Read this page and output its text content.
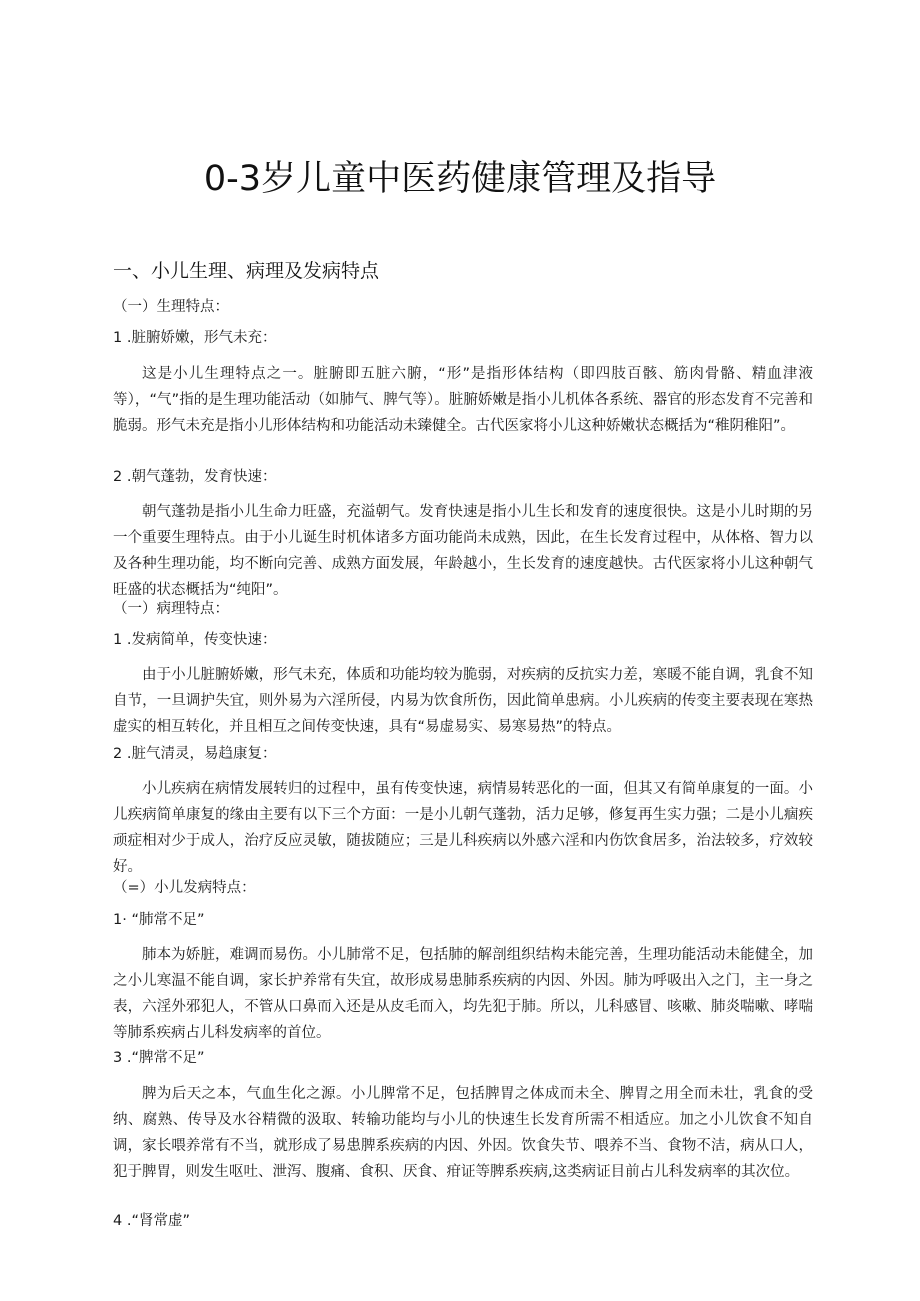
0-3岁儿童中医药健康管理及指导
一、小儿生理、病理及发病特点

（一）生理特点：

1 .脏腑娇嫩，形气未充：

这是小儿生理特点之一。脏腑即五脏六腑，“形”是指形体结构（即四肢百骸、筋肉骨骼、精血津液等），“气”指的是生理功能活动（如肺气、脾气等）。脏腑娇嫩是指小儿机体各系统、器官的形态发育不完善和脆弱。形气未充是指小儿形体结构和功能活动未臻健全。古代医家将小儿这种娇嫩状态概括为“稚阴稚阳”。

2 .朝气蓬勃，发育快速：

朝气蓬勃是指小儿生命力旺盛，充溢朝气。发育快速是指小儿生长和发育的速度很快。这是小儿时期的另一个重要生理特点。由于小儿诞生时机体诸多方面功能尚未成熟，因此，在生长发育过程中，从体格、智力以及各种生理功能，均不断向完善、成熟方面发展，年龄越小，生长发育的速度越快。古代医家将小儿这种朝气旺盛的状态概括为“纯阳”。

（一）病理特点：

1 .发病简单，传变快速：

由于小儿脏腑娇嫩，形气未充，体质和功能均较为脆弱，对疾病的反抗实力差，寒暖不能自调，乳食不知自节，一旦调护失宜，则外易为六淫所侵，内易为饮食所伤，因此简单患病。小儿疾病的传变主要表现在寒热虚实的相互转化，并且相互之间传变快速，具有“易虚易实、易寒易热”的特点。

2 .脏气清灵，易趋康复：

小儿疾病在病情发展转归的过程中，虽有传变快速，病情易转恶化的一面，但其又有简单康复的一面。小儿疾病简单康复的缘由主要有以下三个方面：一是小儿朝气蓬勃，活力足够，修复再生实力强；二是小儿痼疾顽症相对少于成人，治疗反应灵敏，随拔随应；三是儿科疾病以外感六淫和内伤饮食居多，治法较多，疗效较好。

（=）小儿发病特点：

1· “肺常不足”

肺本为娇脏，难调而易伤。小儿肺常不足，包括肺的解剖组织结构未能完善，生理功能活动未能健全，加之小儿寒温不能自调，家长护养常有失宜，故形成易患肺系疾病的内因、外因。肺为呼吸出入之门，主一身之表，六淫外邪犯人，不管从口鼻而入还是从皮毛而入，均先犯于肺。所以，儿科感冒、咳嗽、肺炎喘嗽、哮喘等肺系疾病占儿科发病率的首位。

3 .“脾常不足”

脾为后天之本，气血生化之源。小儿脾常不足，包括脾胃之体成而未全、脾胃之用全而未壮，乳食的受纳、腐熟、传导及水谷精微的汲取、转输功能均与小儿的快速生长发育所需不相适应。加之小儿饮食不知自调，家长喂养常有不当，就形成了易患脾系疾病的内因、外因。饮食失节、喂养不当、食物不洁，病从口人，犯于脾胃，则发生呕吐、泄泻、腹痛、食积、厌食、疳证等脾系疾病,这类病证目前占儿科发病率的其次位。

4 .“肾常虚”
